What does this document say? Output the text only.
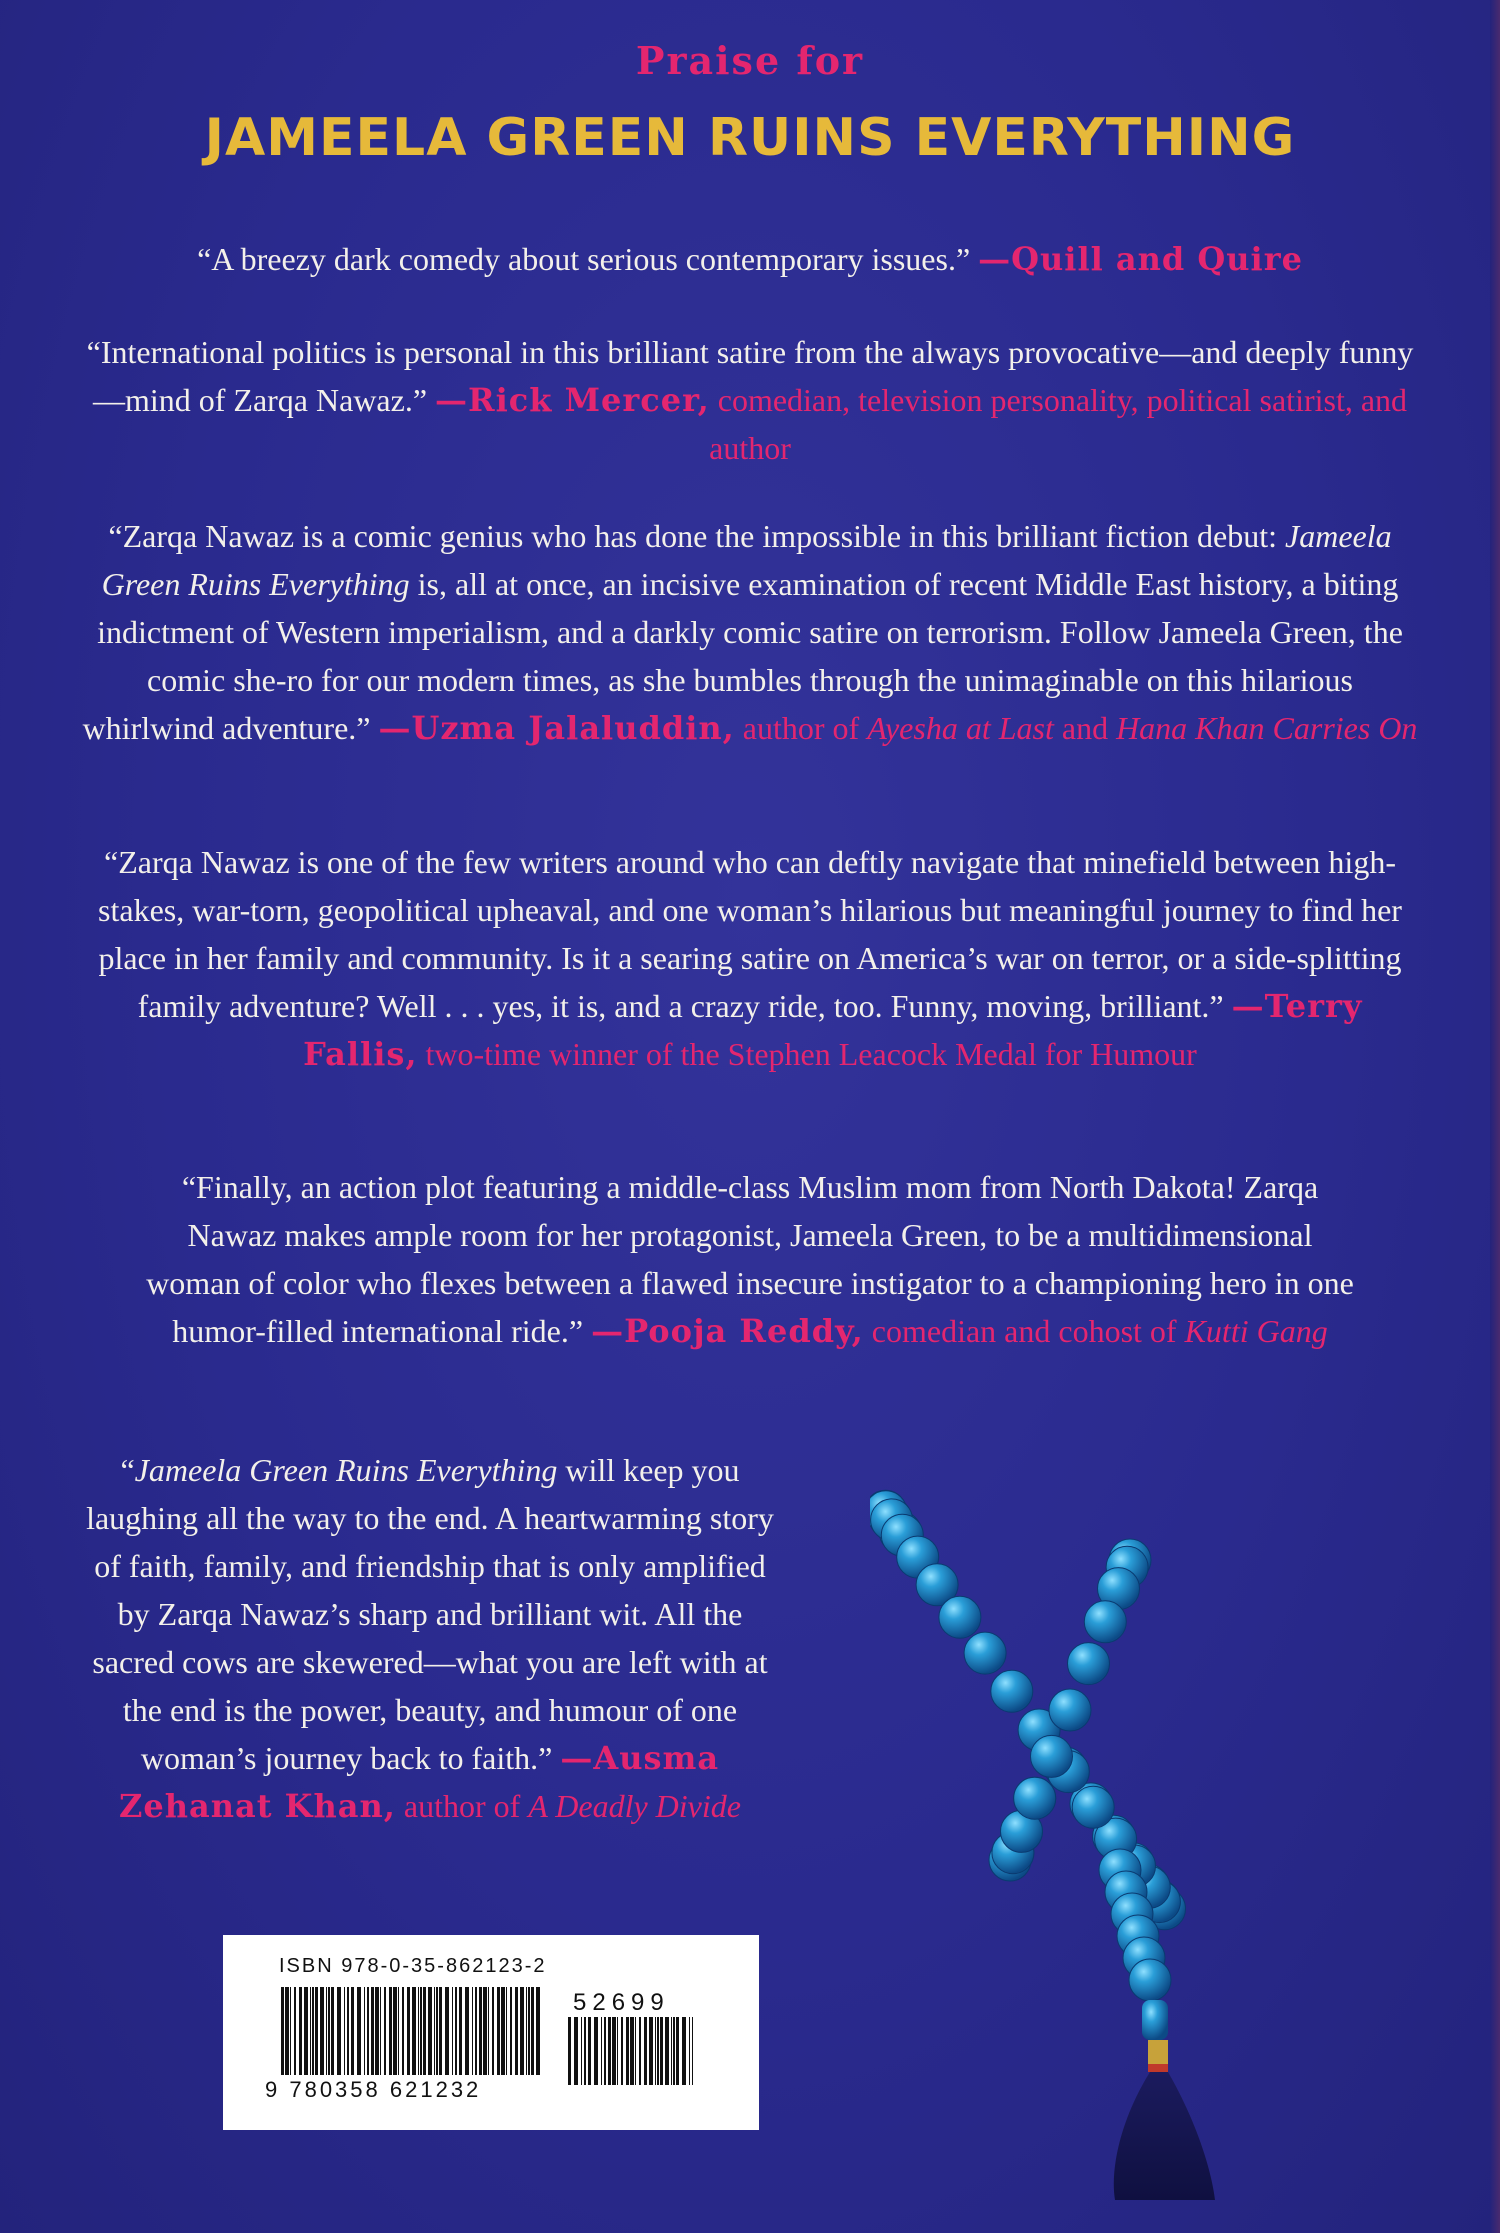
Praise for
JAMEELA GREEN RUINS EVERYTHING

“A breezy dark comedy about serious contemporary issues.” —Quill and Quire

“International politics is personal in this brilliant satire from the always provocative—and deeply funny—mind of Zarqa Nawaz.” —Rick Mercer, comedian, television personality, political satirist, and author

“Zarqa Nawaz is a comic genius who has done the impossible in this brilliant fiction debut: Jameela Green Ruins Everything is, all at once, an incisive examination of recent Middle East history, a biting indictment of Western imperialism, and a darkly comic satire on terrorism. Follow Jameela Green, the comic she-ro for our modern times, as she bumbles through the unimaginable on this hilarious whirlwind adventure.” —Uzma Jalaluddin, author of Ayesha at Last and Hana Khan Carries On

“Zarqa Nawaz is one of the few writers around who can deftly navigate that minefield between high-stakes, war-torn, geopolitical upheaval, and one woman’s hilarious but meaningful journey to find her place in her family and community. Is it a searing satire on America’s war on terror, or a side-splitting family adventure? Well . . . yes, it is, and a crazy ride, too. Funny, moving, brilliant.” —Terry Fallis, two-time winner of the Stephen Leacock Medal for Humour

“Finally, an action plot featuring a middle-class Muslim mom from North Dakota! Zarqa Nawaz makes ample room for her protagonist, Jameela Green, to be a multidimensional woman of color who flexes between a flawed insecure instigator to a championing hero in one humor-filled international ride.” —Pooja Reddy, comedian and cohost of Kutti Gang

“Jameela Green Ruins Everything will keep you laughing all the way to the end. A heartwarming story of faith, family, and friendship that is only amplified by Zarqa Nawaz’s sharp and brilliant wit. All the sacred cows are skewered—what you are left with at the end is the power, beauty, and humour of one woman’s journey back to faith.” —Ausma Zehanat Khan, author of A Deadly Divide

ISBN 978-0-35-862123-2
52699
9 780358 621232
